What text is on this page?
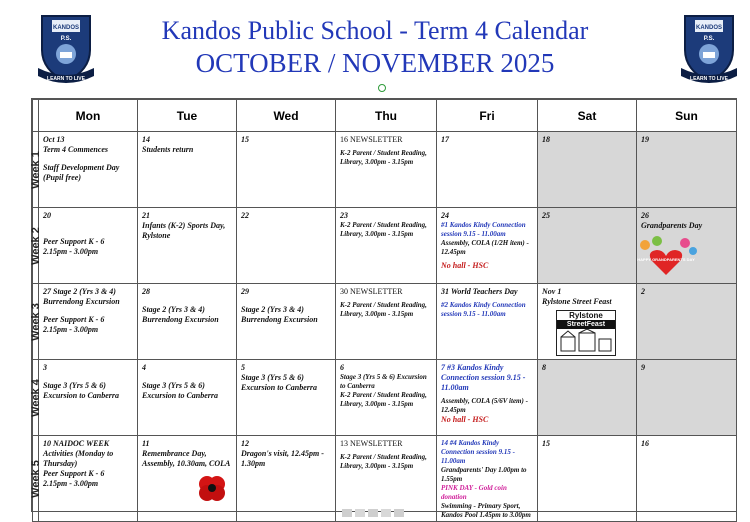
KANDOS
P.S.
LEARN TO LIVE
KANDOS
P.S.
LEARN TO LIVE
Kandos Public School - Term 4 Calendar
OCTOBER / NOVEMBER 2025
	Mon	Tue	Wed	Thu	Fri	Sat	Sun

Week 1	Oct 13
Term 4 Commences
Staff Development Day
(Pupil free)	14
Students return	15	16 NEWSLETTER
K-2 Parent / Student Reading, Library, 3.00pm - 3.15pm	17	18	19

Week 2	20
Peer Support K - 6
2.15pm - 3.00pm	21
Infants (K-2) Sports Day, Rylstone	22	23
K-2 Parent / Student Reading, Library, 3.00pm - 3.15pm	24
#1 Kandos Kindy Connection session 9.15 - 11.00am
Assembly, COLA (1/2H item) - 12.45pm
No hall - HSC	25	26
Grandparents Day
HAPPY GRANDPARENTS DAY

Week 3	27 Stage 2 (Yrs 3 & 4)
Burrendong Excursion
Peer Support K - 6
2.15pm - 3.00pm	28
Stage 2 (Yrs 3 & 4)
Burrendong Excursion	29
Stage 2 (Yrs 3 & 4)
Burrendong Excursion	30 NEWSLETTER
K-2 Parent / Student Reading, Library, 3.00pm - 3.15pm	31 World Teachers Day
#2 Kandos Kindy Connection session 9.15 - 11.00am	Nov 1
Rylstone Street Feast
Rylstone
StreetFeast	2

Week 4	3
Stage 3 (Yrs 5 & 6)
Excursion to Canberra	4
Stage 3 (Yrs 5 & 6)
Excursion to Canberra	5
Stage 3 (Yrs 5 & 6)
Excursion to Canberra	6
Stage 3 (Yrs 5 & 6) Excursion to Canberra
K-2 Parent / Student Reading, Library, 3.00pm - 3.15pm	7 #3 Kandos Kindy Connection session 9.15 - 11.00am
Assembly, COLA (5/6V item) - 12.45pm
No hall - HSC	8	9

Week 5	10 NAIDOC WEEK
Activities (Monday to Thursday)
Peer Support K - 6
2.15pm - 3.00pm	11
Remembrance Day, Assembly, 10.30am, COLA	12
Dragon's visit, 12.45pm - 1.30pm	13 NEWSLETTER
K-2 Parent / Student Reading, Library, 3.00pm - 3.15pm	14 #4 Kandos Kindy Connection session 9.15 - 11.00am
Grandparents' Day 1.00pm to 1.55pm
PINK DAY - Gold coin donation
Swimming - Primary Sport, Kandos Pool 1.45pm to 3.00pm	15	16
